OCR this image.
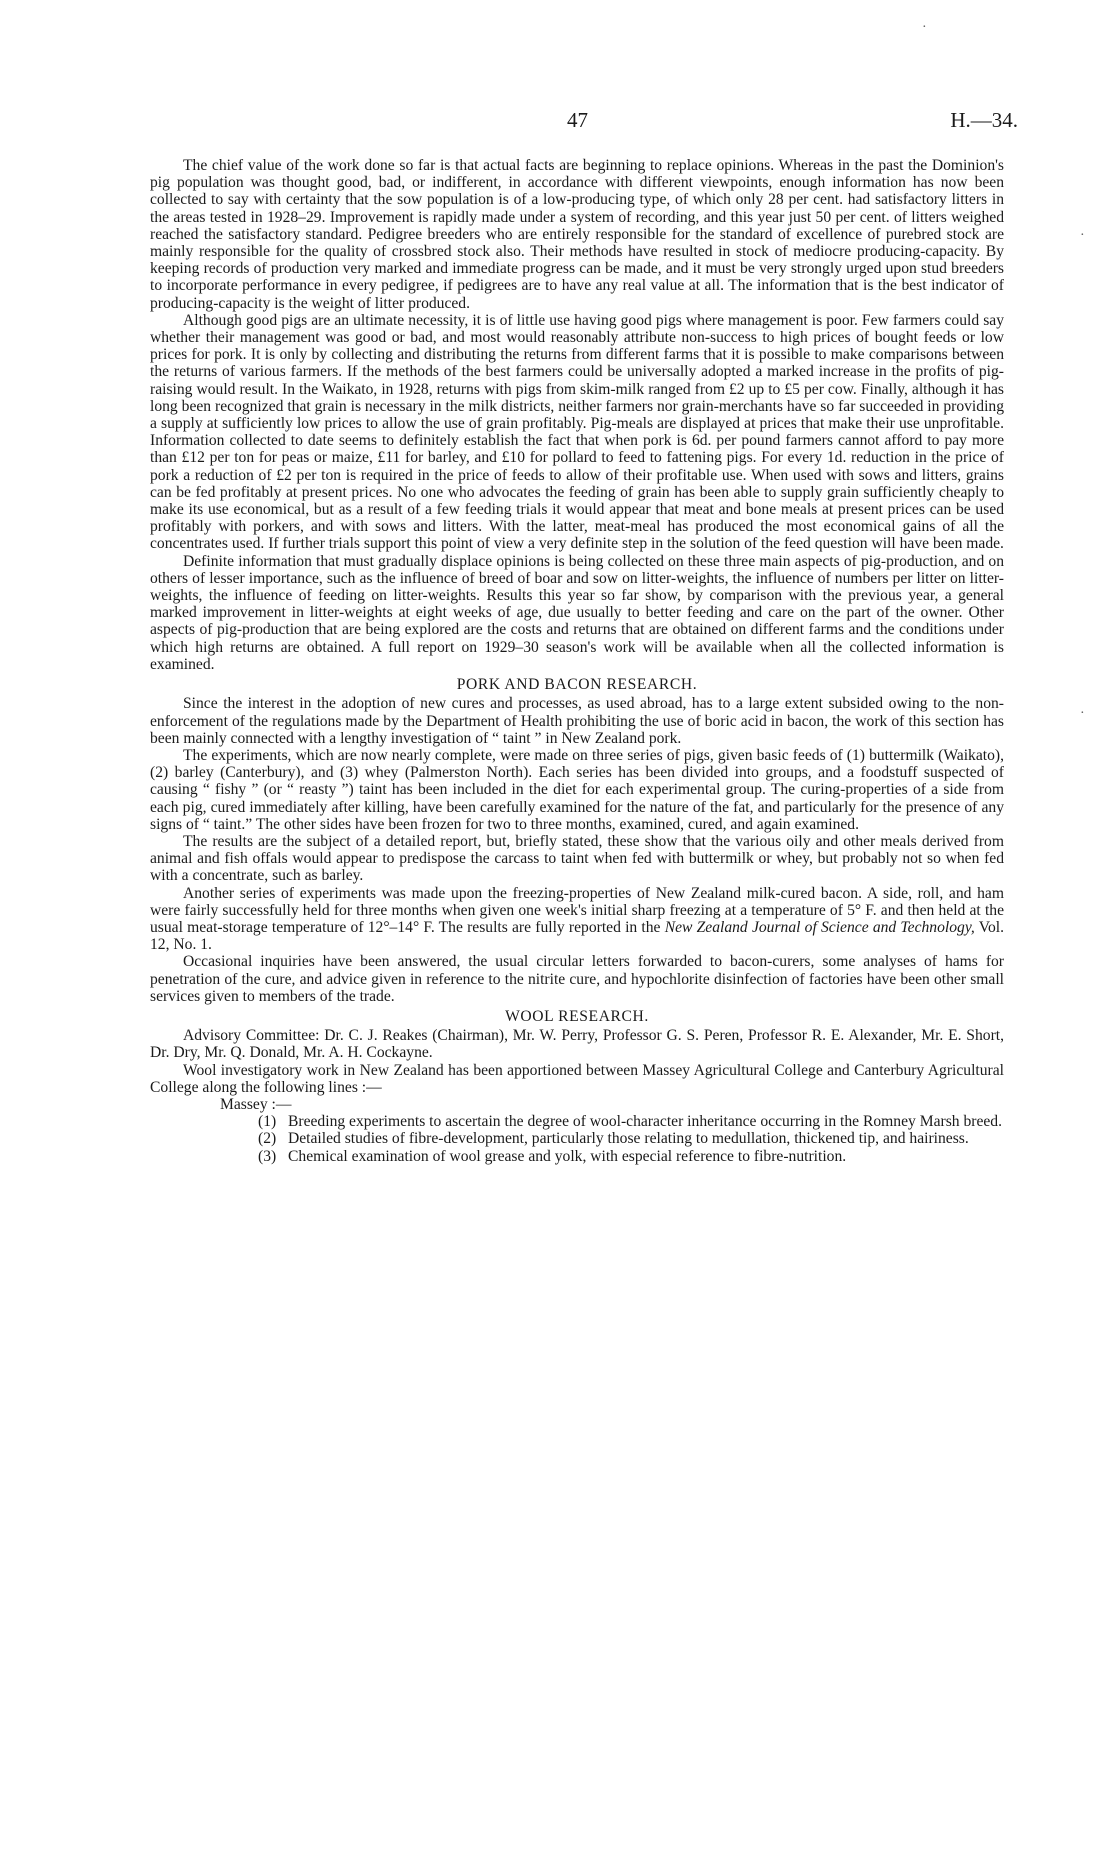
47	H.—34.
·
·
·

The chief value of the work done so far is that actual facts are beginning to replace opinions. Whereas in the past the Dominion's pig population was thought good, bad, or indifferent, in accordance with different viewpoints, enough information has now been collected to say with certainty that the sow population is of a low-producing type, of which only 28 per cent. had satisfactory litters in the areas tested in 1928–29. Improvement is rapidly made under a system of recording, and this year just 50 per cent. of litters weighed reached the satisfactory standard. Pedigree breeders who are entirely responsible for the standard of excellence of purebred stock are mainly responsible for the quality of crossbred stock also. Their methods have resulted in stock of mediocre producing-capacity. By keeping records of production very marked and immediate progress can be made, and it must be very strongly urged upon stud breeders to incorporate performance in every pedigree, if pedigrees are to have any real value at all. The information that is the best indicator of producing-capacity is the weight of litter produced.

Although good pigs are an ultimate necessity, it is of little use having good pigs where management is poor. Few farmers could say whether their management was good or bad, and most would reasonably attribute non-success to high prices of bought feeds or low prices for pork. It is only by collecting and distributing the returns from different farms that it is possible to make comparisons between the returns of various farmers. If the methods of the best farmers could be universally adopted a marked increase in the profits of pig-raising would result. In the Waikato, in 1928, returns with pigs from skim-milk ranged from £2 up to £5 per cow. Finally, although it has long been recognized that grain is necessary in the milk districts, neither farmers nor grain-merchants have so far succeeded in providing a supply at sufficiently low prices to allow the use of grain profitably. Pig-meals are displayed at prices that make their use unprofitable. Information collected to date seems to definitely establish the fact that when pork is 6d. per pound farmers cannot afford to pay more than £12 per ton for peas or maize, £11 for barley, and £10 for pollard to feed to fattening pigs. For every 1d. reduction in the price of pork a reduction of £2 per ton is required in the price of feeds to allow of their profitable use. When used with sows and litters, grains can be fed profitably at present prices. No one who advocates the feeding of grain has been able to supply grain sufficiently cheaply to make its use economical, but as a result of a few feeding trials it would appear that meat and bone meals at present prices can be used profitably with porkers, and with sows and litters. With the latter, meat-meal has produced the most economical gains of all the concentrates used. If further trials support this point of view a very definite step in the solution of the feed question will have been made.

Definite information that must gradually displace opinions is being collected on these three main aspects of pig-production, and on others of lesser importance, such as the influence of breed of boar and sow on litter-weights, the influence of numbers per litter on litter-weights, the influence of feeding on litter-weights. Results this year so far show, by comparison with the previous year, a general marked improvement in litter-weights at eight weeks of age, due usually to better feeding and care on the part of the owner. Other aspects of pig-production that are being explored are the costs and returns that are obtained on different farms and the conditions under which high returns are obtained. A full report on 1929–30 season's work will be available when all the collected information is examined.

PORK AND BACON RESEARCH.

Since the interest in the adoption of new cures and processes, as used abroad, has to a large extent subsided owing to the non-enforcement of the regulations made by the Department of Health prohibiting the use of boric acid in bacon, the work of this section has been mainly connected with a lengthy investigation of “ taint ” in New Zealand pork.

The experiments, which are now nearly complete, were made on three series of pigs, given basic feeds of (1) buttermilk (Waikato), (2) barley (Canterbury), and (3) whey (Palmerston North). Each series has been divided into groups, and a foodstuff suspected of causing “ fishy ” (or “ reasty ”) taint has been included in the diet for each experimental group. The curing-properties of a side from each pig, cured immediately after killing, have been carefully examined for the nature of the fat, and particularly for the presence of any signs of “ taint.” The other sides have been frozen for two to three months, examined, cured, and again examined.

The results are the subject of a detailed report, but, briefly stated, these show that the various oily and other meals derived from animal and fish offals would appear to predispose the carcass to taint when fed with buttermilk or whey, but probably not so when fed with a concentrate, such as barley.

Another series of experiments was made upon the freezing-properties of New Zealand milk-cured bacon. A side, roll, and ham were fairly successfully held for three months when given one week's initial sharp freezing at a temperature of 5° F. and then held at the usual meat-storage temperature of 12°–14° F. The results are fully reported in the New Zealand Journal of Science and Technology, Vol. 12, No. 1.

Occasional inquiries have been answered, the usual circular letters forwarded to bacon-curers, some analyses of hams for penetration of the cure, and advice given in reference to the nitrite cure, and hypochlorite disinfection of factories have been other small services given to members of the trade.

WOOL RESEARCH.

Advisory Committee: Dr. C. J. Reakes (Chairman), Mr. W. Perry, Professor G. S. Peren, Professor R. E. Alexander, Mr. E. Short, Dr. Dry, Mr. Q. Donald, Mr. A. H. Cockayne.

Wool investigatory work in New Zealand has been apportioned between Massey Agricultural College and Canterbury Agricultural College along the following lines :—

Massey :—

(1) Breeding experiments to ascertain the degree of wool-character inheritance occurring in the Romney Marsh breed.
(2) Detailed studies of fibre-development, particularly those relating to medullation, thickened tip, and hairiness.
(3) Chemical examination of wool grease and yolk, with especial reference to fibre-nutrition.
